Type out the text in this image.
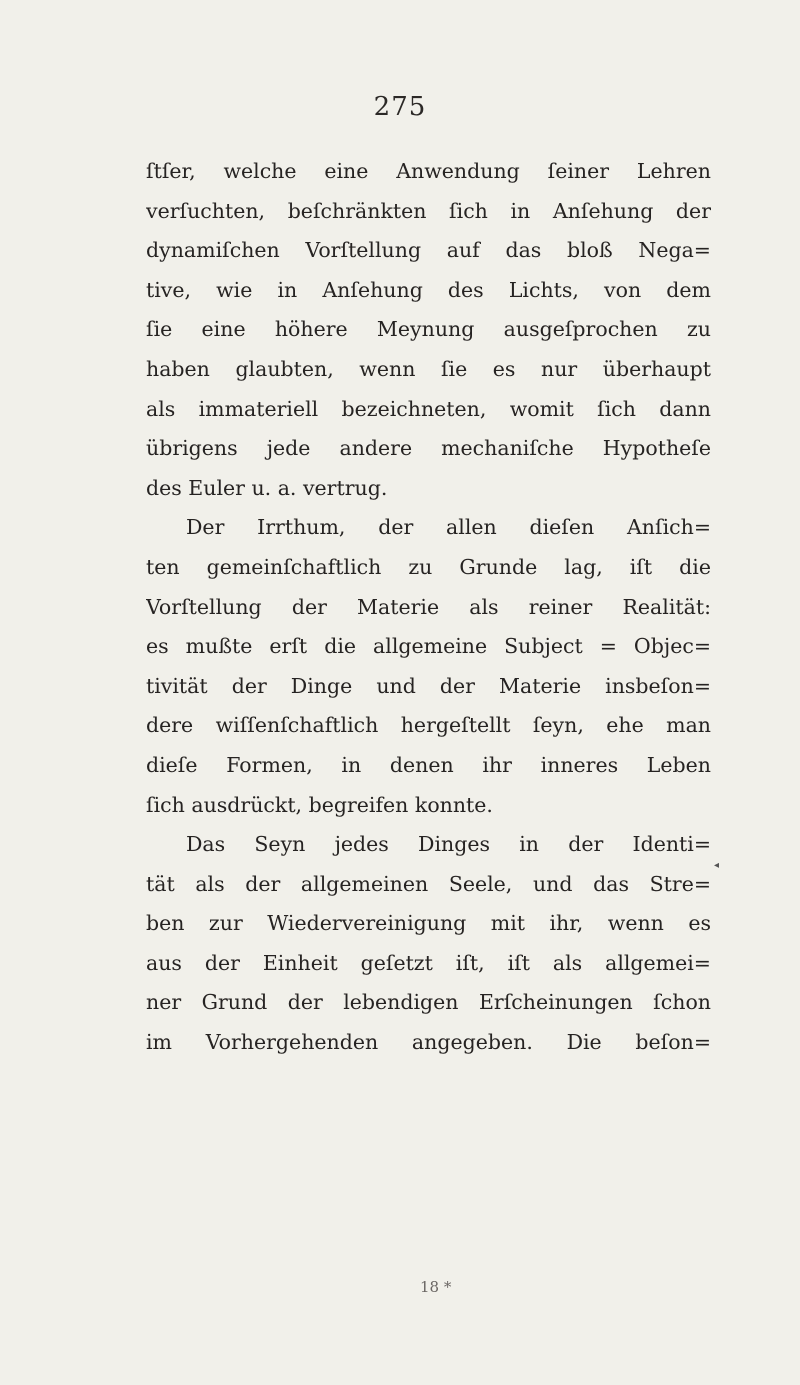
275
ſtſer, welche eine Anwendung ſeiner Lehren
verſuchten, beſchränkten ſich in Anſehung der
dynamiſchen Vorſtellung auf das bloß Nega=
tive, wie in Anſehung des Lichts, von dem
ſie eine höhere Meynung ausgeſprochen zu
haben glaubten, wenn ſie es nur überhaupt
als immateriell bezeichneten, womit ſich dann
übrigens jede andere mechaniſche Hypotheſe
des Euler u. a. vertrug.
Der Irrthum, der allen dieſen Anſich=
ten gemeinſchaftlich zu Grunde lag, iſt die
Vorſtellung der Materie als reiner Realität:
es mußte erſt die allgemeine Subject = Objec=
tivität der Dinge und der Materie insbeſon=
dere wiſſenſchaftlich hergeſtellt ſeyn, ehe man
dieſe Formen, in denen ihr inneres Leben
ſich ausdrückt, begreifen konnte.
Das Seyn jedes Dinges in der Identi=
tät als der allgemeinen Seele, und das Stre=
ben zur Wiedervereinigung mit ihr, wenn es
aus der Einheit geſetzt iſt, iſt als allgemei=
ner Grund der lebendigen Erſcheinungen ſchon
im Vorhergehenden angegeben. Die beſon=
18 *
◂
